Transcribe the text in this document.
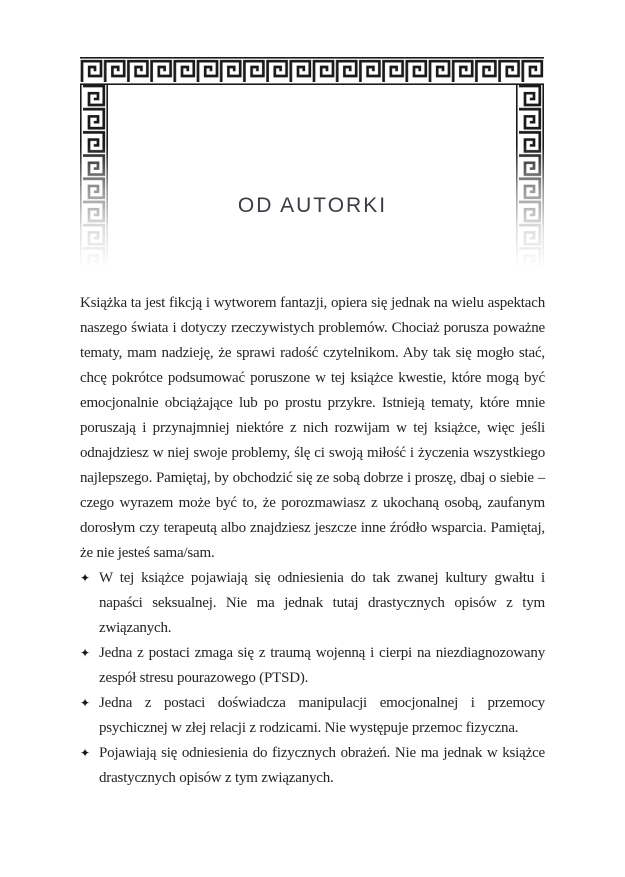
OD AUTORKI

Książka ta jest fikcją i wytworem fantazji, opiera się jednak na wielu aspektach naszego świata i dotyczy rzeczywistych problemów. Chociaż porusza poważne tematy, mam nadzieję, że sprawi radość czytelnikom. Aby tak się mogło stać, chcę pokrótce podsumować poruszone w tej książce kwestie, które mogą być emocjonalnie obciążające lub po prostu przykre. Istnieją tematy, które mnie poruszają i przynajmniej niektóre z nich rozwijam w tej książce, więc jeśli odnajdziesz w niej swoje problemy, ślę ci swoją miłość i życzenia wszystkiego najlepszego. Pamiętaj, by obchodzić się ze sobą dobrze i proszę, dbaj o siebie – czego wyrazem może być to, że porozmawiasz z ukochaną osobą, zaufanym dorosłym czy terapeutą albo znajdziesz jeszcze inne źródło wsparcia. Pamiętaj, że nie jesteś sama/sam.

✦ W tej książce pojawiają się odniesienia do tak zwanej kultury gwałtu i napaści seksualnej. Nie ma jednak tutaj drastycznych opisów z tym związanych.
✦ Jedna z postaci zmaga się z traumą wojenną i cierpi na niezdiagnozowany zespół stresu pourazowego (PTSD).
✦ Jedna z postaci doświadcza manipulacji emocjonalnej i przemocy psychicznej w złej relacji z rodzicami. Nie występuje przemoc fizyczna.
✦ Pojawiają się odniesienia do fizycznych obrażeń. Nie ma jednak w książce drastycznych opisów z tym związanych.
